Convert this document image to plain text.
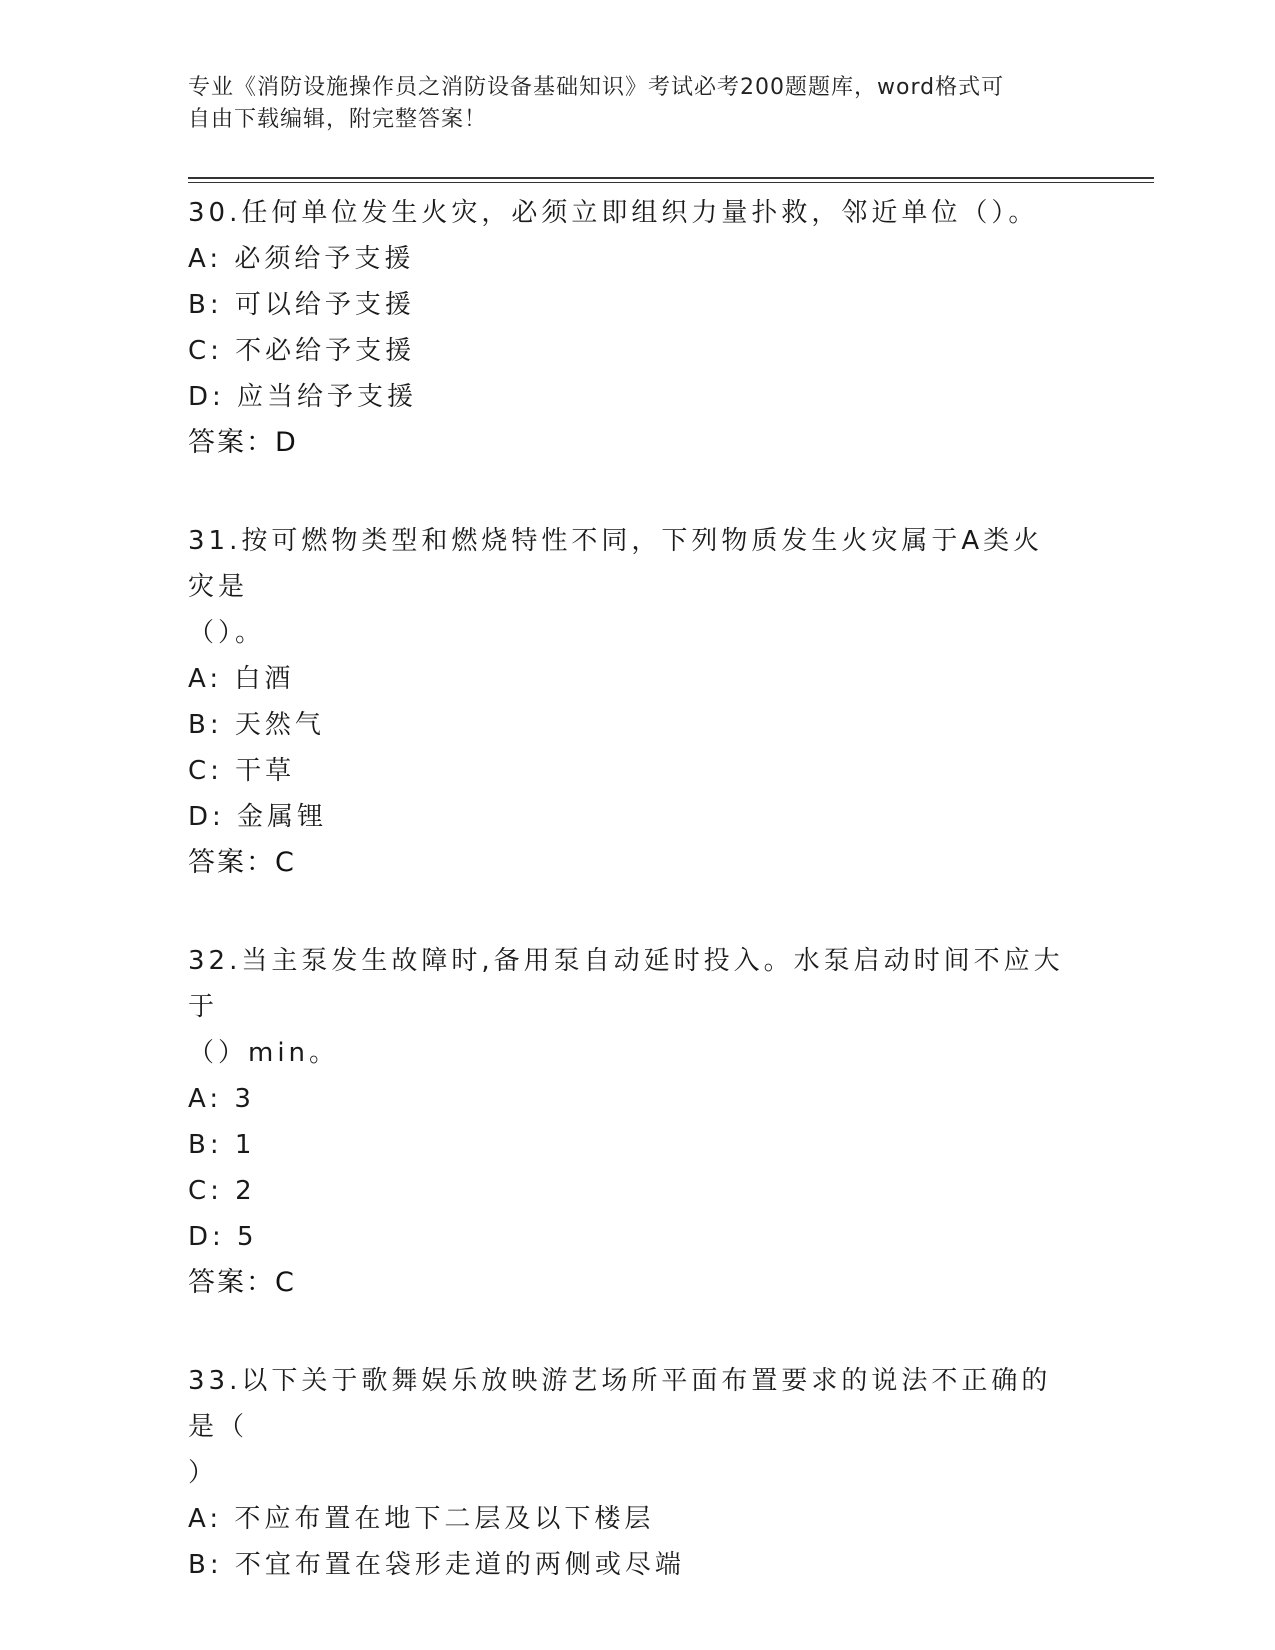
专业《消防设施操作员之消防设备基础知识》考试必考200题题库，word格式可
自由下载编辑，附完整答案！
30.任何单位发生火灾，必须立即组织力量扑救，邻近单位（）。
A: 必须给予支援
B: 可以给予支援
C: 不必给予支援
D: 应当给予支援
答案：D
31.按可燃物类型和燃烧特性不同，下列物质发生火灾属于A类火灾是
（）。
A: 白酒
B: 天然气
C: 干草
D: 金属锂
答案：C
32.当主泵发生故障时,备用泵自动延时投入。水泵启动时间不应大于
（）min。
A: 3
B: 1
C: 2
D: 5
答案：C
33.以下关于歌舞娱乐放映游艺场所平面布置要求的说法不正确的是（
）
A: 不应布置在地下二层及以下楼层
B: 不宜布置在袋形走道的两侧或尽端
